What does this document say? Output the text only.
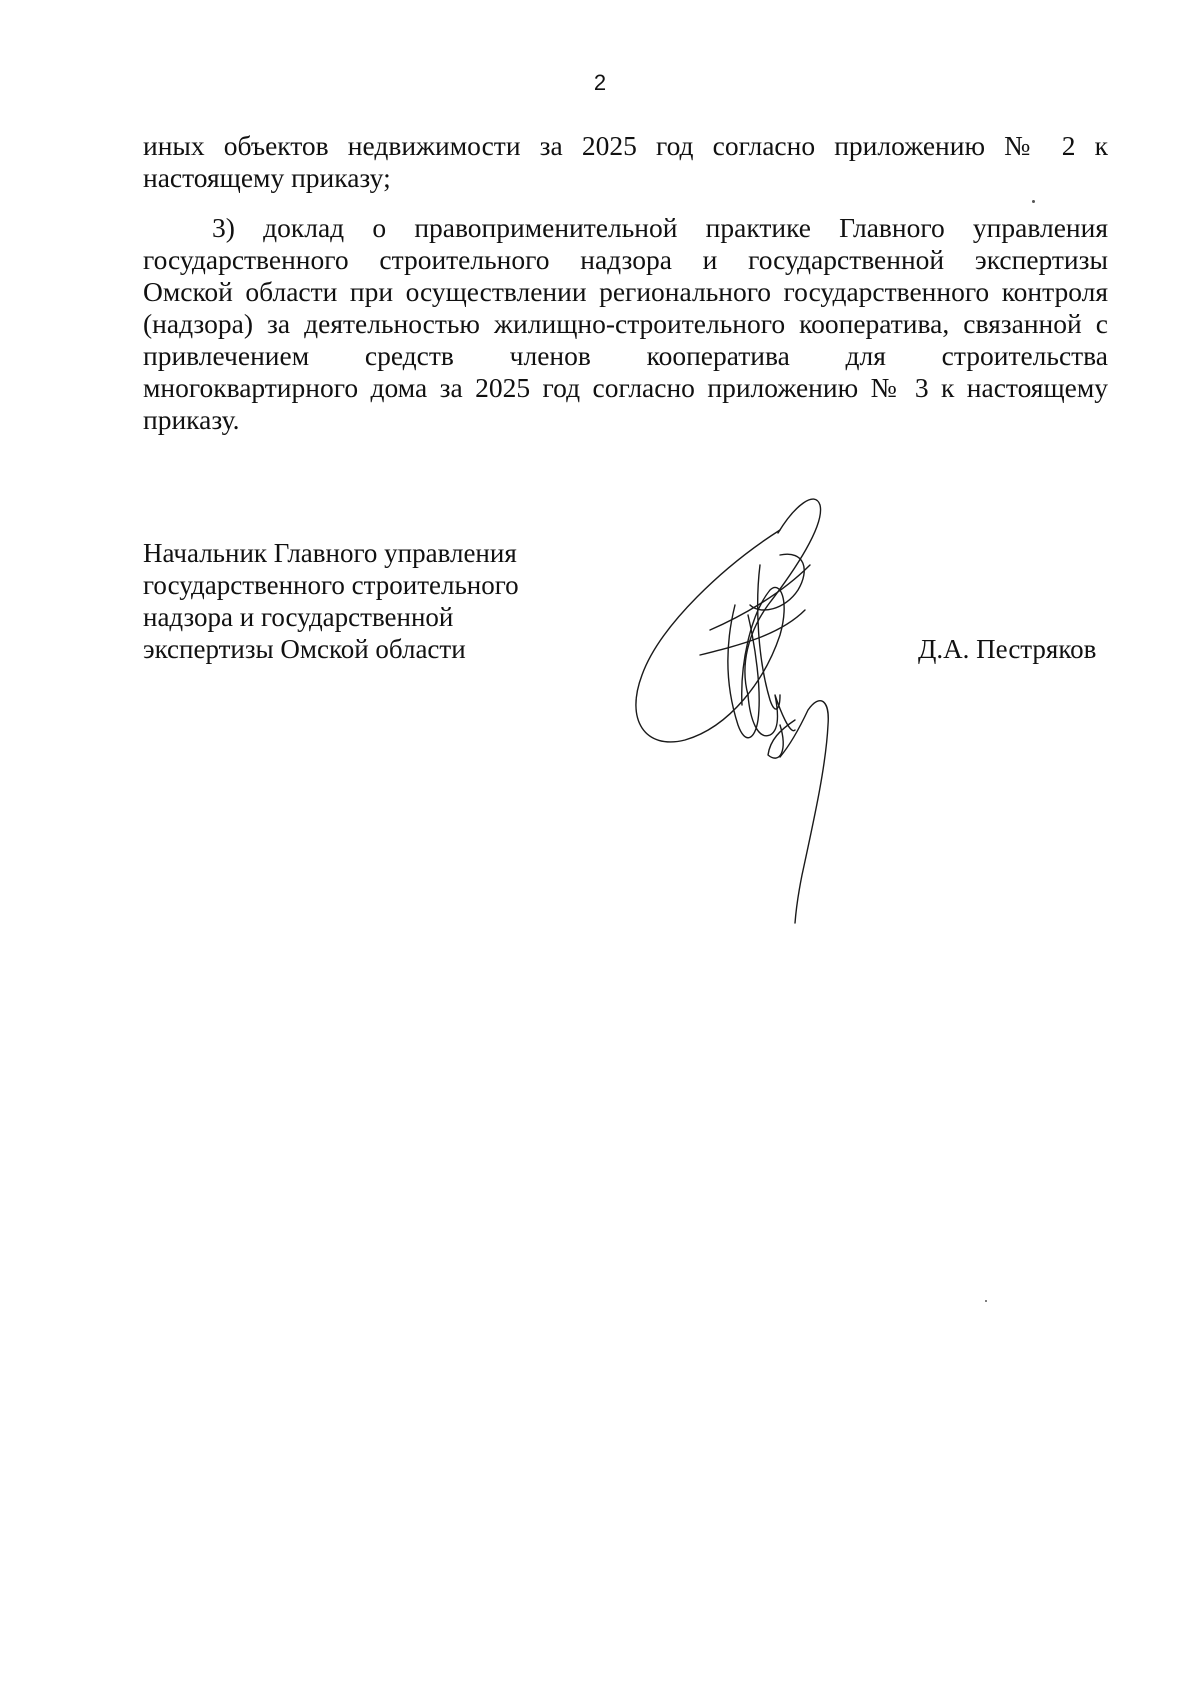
2
иных объектов недвижимости за 2025 год согласно приложению № 2 к
настоящему приказу;
3) доклад о правоприменительной практике Главного управления
государственного строительного надзора и государственной экспертизы
Омской области при осуществлении регионального государственного контроля
(надзора) за деятельностью жилищно-строительного кооператива, связанной с
привлечением средств членов кооператива для строительства
многоквартирного дома за 2025 год согласно приложению № 3 к настоящему
приказу.
Начальник Главного управления
государственного строительного
надзора и государственной
экспертизы Омской области	Д.А. Пестряков
